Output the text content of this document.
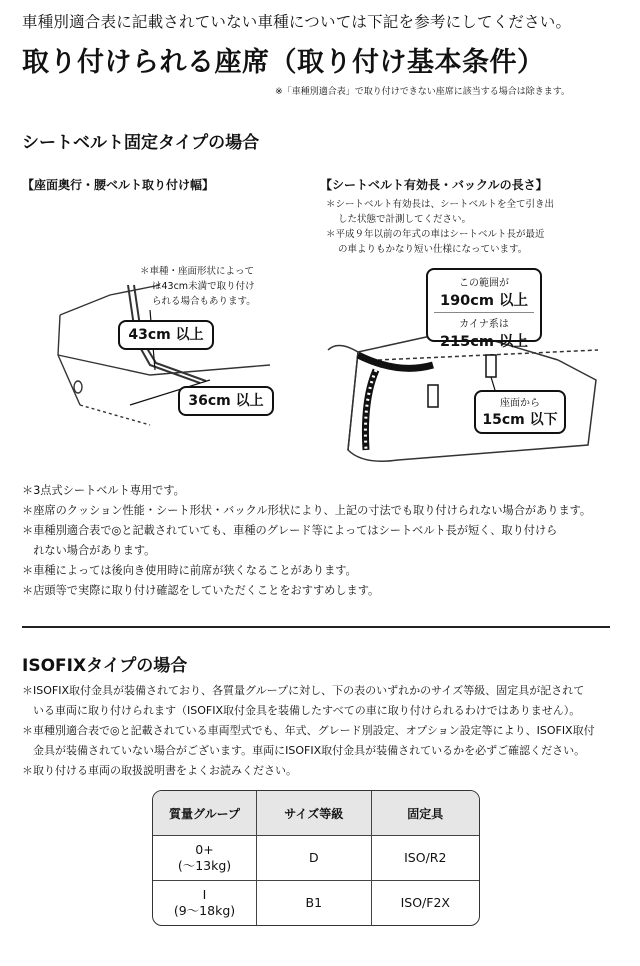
車種別適合表に記載されていない車種については下記を参考にしてください。
取り付けられる座席（取り付け基本条件）
※「車種別適合表」で取り付けできない座席に該当する場合は除きます。
シートベルト固定タイプの場合
【座面奥行・腰ベルト取り付け幅】	【シートベルト有効長・バックルの長さ】
＊車種・座面形状によって
は43cm未満で取り付け
られる場合もあります。
43cm 以上
36cm 以上
＊シートベルト有効長は、シートベルトを全て引き出
した状態で計測してください。
＊平成９年以前の年式の車はシートベルト長が最近
の車よりもかなり短い仕様になっています。
この範囲が
190cm 以上
カイナ系は
215cm 以上
座面から
15cm 以下
＊3点式シートベルト専用です。
＊座席のクッション性能・シート形状・バックル形状により、上記の寸法でも取り付けられない場合があります。
＊車種別適合表で◎と記載されていても、車種のグレード等によってはシートベルト長が短く、取り付けら
　れない場合があります。
＊車種によっては後向き使用時に前席が狭くなることがあります。
＊店頭等で実際に取り付け確認をしていただくことをおすすめします。
ISOFIXタイプの場合
＊ISOFIX取付金具が装備されており、各質量グループに対し、下の表のいずれかのサイズ等級、固定具が記されて
　いる車両に取り付けられます（ISOFIX取付金具を装備したすべての車に取り付けられるわけではありません）。
＊車種別適合表で◎と記載されている車両型式でも、年式、グレード別設定、オプション設定等により、ISOFIX取付
　金具が装備されていない場合がございます。車両にISOFIX取付金具が装備されているかを必ずご確認ください。
＊取り付ける車両の取扱説明書をよくお読みください。
質量グループ	サイズ等級	固定具

0+
(～13kg)	D	ISO/R2

I
(9～18kg)	B1	ISO/F2X
